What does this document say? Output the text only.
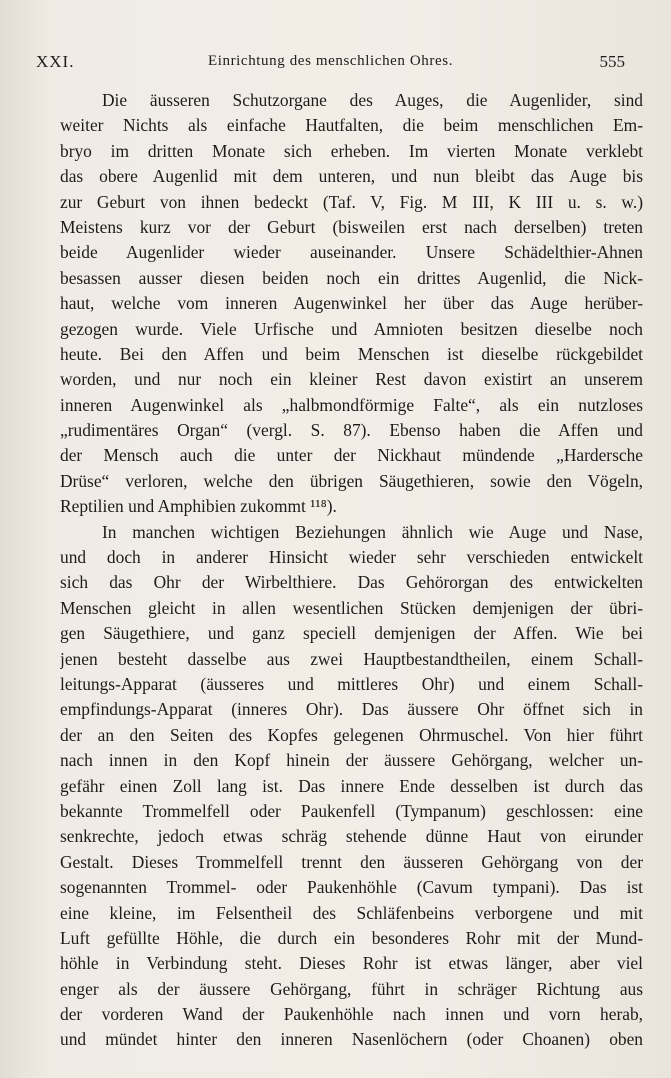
XXI.	Einrichtung des menschlichen Ohres.	555
Die äusseren Schutzorgane des Auges, die Augenlider, sind
weiter Nichts als einfache Hautfalten, die beim menschlichen Em-
bryo im dritten Monate sich erheben. Im vierten Monate verklebt
das obere Augenlid mit dem unteren, und nun bleibt das Auge bis
zur Geburt von ihnen bedeckt (Taf. V, Fig. M III, K III u. s. w.)
Meistens kurz vor der Geburt (bisweilen erst nach derselben) treten
beide Augenlider wieder auseinander. Unsere Schädelthier-Ahnen
besassen ausser diesen beiden noch ein drittes Augenlid, die Nick-
haut, welche vom inneren Augenwinkel her über das Auge herüber-
gezogen wurde. Viele Urfische und Amnioten besitzen dieselbe noch
heute. Bei den Affen und beim Menschen ist dieselbe rückgebildet
worden, und nur noch ein kleiner Rest davon existirt an unserem
inneren Augenwinkel als „halbmondförmige Falte“, als ein nutzloses
„rudimentäres Organ“ (vergl. S. 87). Ebenso haben die Affen und
der Mensch auch die unter der Nickhaut mündende „Hardersche
Drüse“ verloren, welche den übrigen Säugethieren, sowie den Vögeln,
Reptilien und Amphibien zukommt ¹¹⁸).
In manchen wichtigen Beziehungen ähnlich wie Auge und Nase,
und doch in anderer Hinsicht wieder sehr verschieden entwickelt
sich das Ohr der Wirbelthiere. Das Gehörorgan des entwickelten
Menschen gleicht in allen wesentlichen Stücken demjenigen der übri-
gen Säugethiere, und ganz speciell demjenigen der Affen. Wie bei
jenen besteht dasselbe aus zwei Hauptbestandtheilen, einem Schall-
leitungs-Apparat (äusseres und mittleres Ohr) und einem Schall-
empfindungs-Apparat (inneres Ohr). Das äussere Ohr öffnet sich in
der an den Seiten des Kopfes gelegenen Ohrmuschel. Von hier führt
nach innen in den Kopf hinein der äussere Gehörgang, welcher un-
gefähr einen Zoll lang ist. Das innere Ende desselben ist durch das
bekannte Trommelfell oder Paukenfell (Tympanum) geschlossen: eine
senkrechte, jedoch etwas schräg stehende dünne Haut von eirunder
Gestalt. Dieses Trommelfell trennt den äusseren Gehörgang von der
sogenannten Trommel- oder Paukenhöhle (Cavum tympani). Das ist
eine kleine, im Felsentheil des Schläfenbeins verborgene und mit
Luft gefüllte Höhle, die durch ein besonderes Rohr mit der Mund-
höhle in Verbindung steht. Dieses Rohr ist etwas länger, aber viel
enger als der äussere Gehörgang, führt in schräger Richtung aus
der vorderen Wand der Paukenhöhle nach innen und vorn herab,
und mündet hinter den inneren Nasenlöchern (oder Choanen) oben
